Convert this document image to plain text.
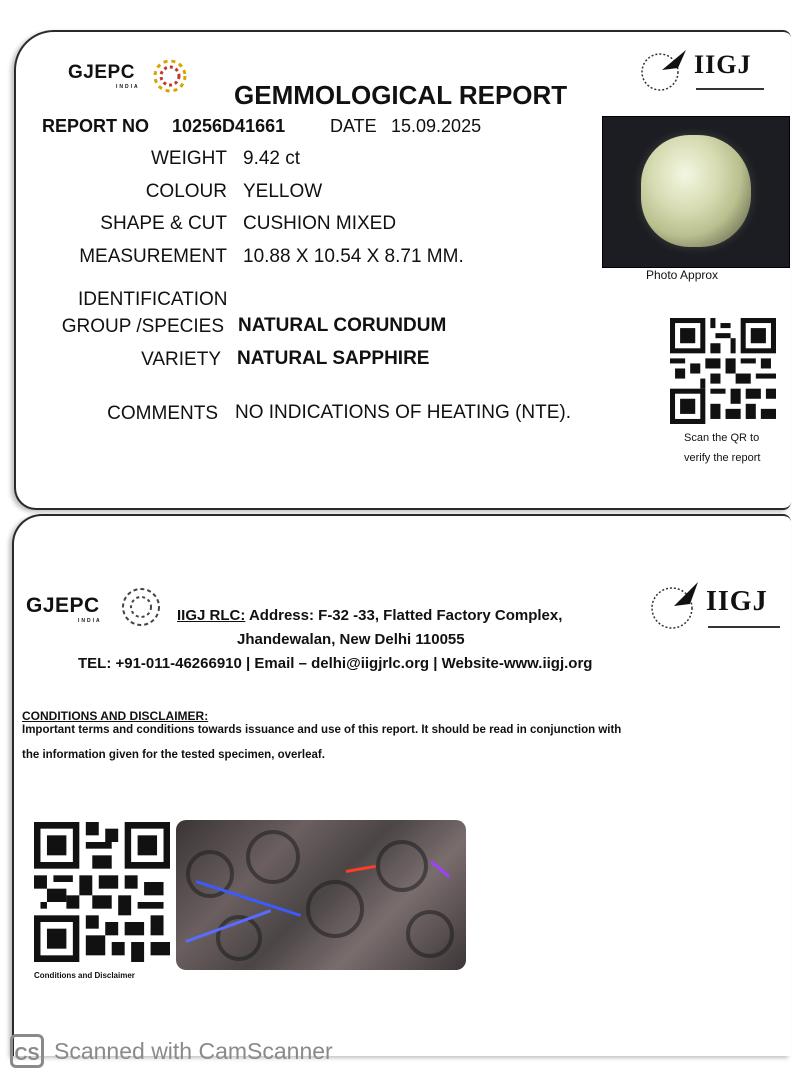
GJEPC
INDIA
IIGJ
GEMMOLOGICAL REPORT
REPORT NO 10256D41661 DATE 15.09.2025
WEIGHT 9.42 ct
COLOUR YELLOW
SHAPE & CUT CUSHION MIXED
MEASUREMENT 10.88 X 10.54 X 8.71 MM.
IDENTIFICATION
GROUP /SPECIES NATURAL CORUNDUM
VARIETY NATURAL SAPPHIRE
COMMENTS NO INDICATIONS OF HEATING (NTE).
Photo Approx
Scan the QR to
verify the report
GJEPC
INDIA
IIGJ
IIGJ RLC: Address: F-32 -33, Flatted Factory Complex,
Jhandewalan, New Delhi 110055
TEL: +91-011-46266910 | Email – delhi@iigjrlc.org | Website-www.iigj.org
CONDITIONS AND DISCLAIMER:
Important terms and conditions towards issuance and use of this report. It should be read in conjunction with
the information given for the tested specimen, overleaf.
Conditions and Disclaimer
CS Scanned with CamScanner
